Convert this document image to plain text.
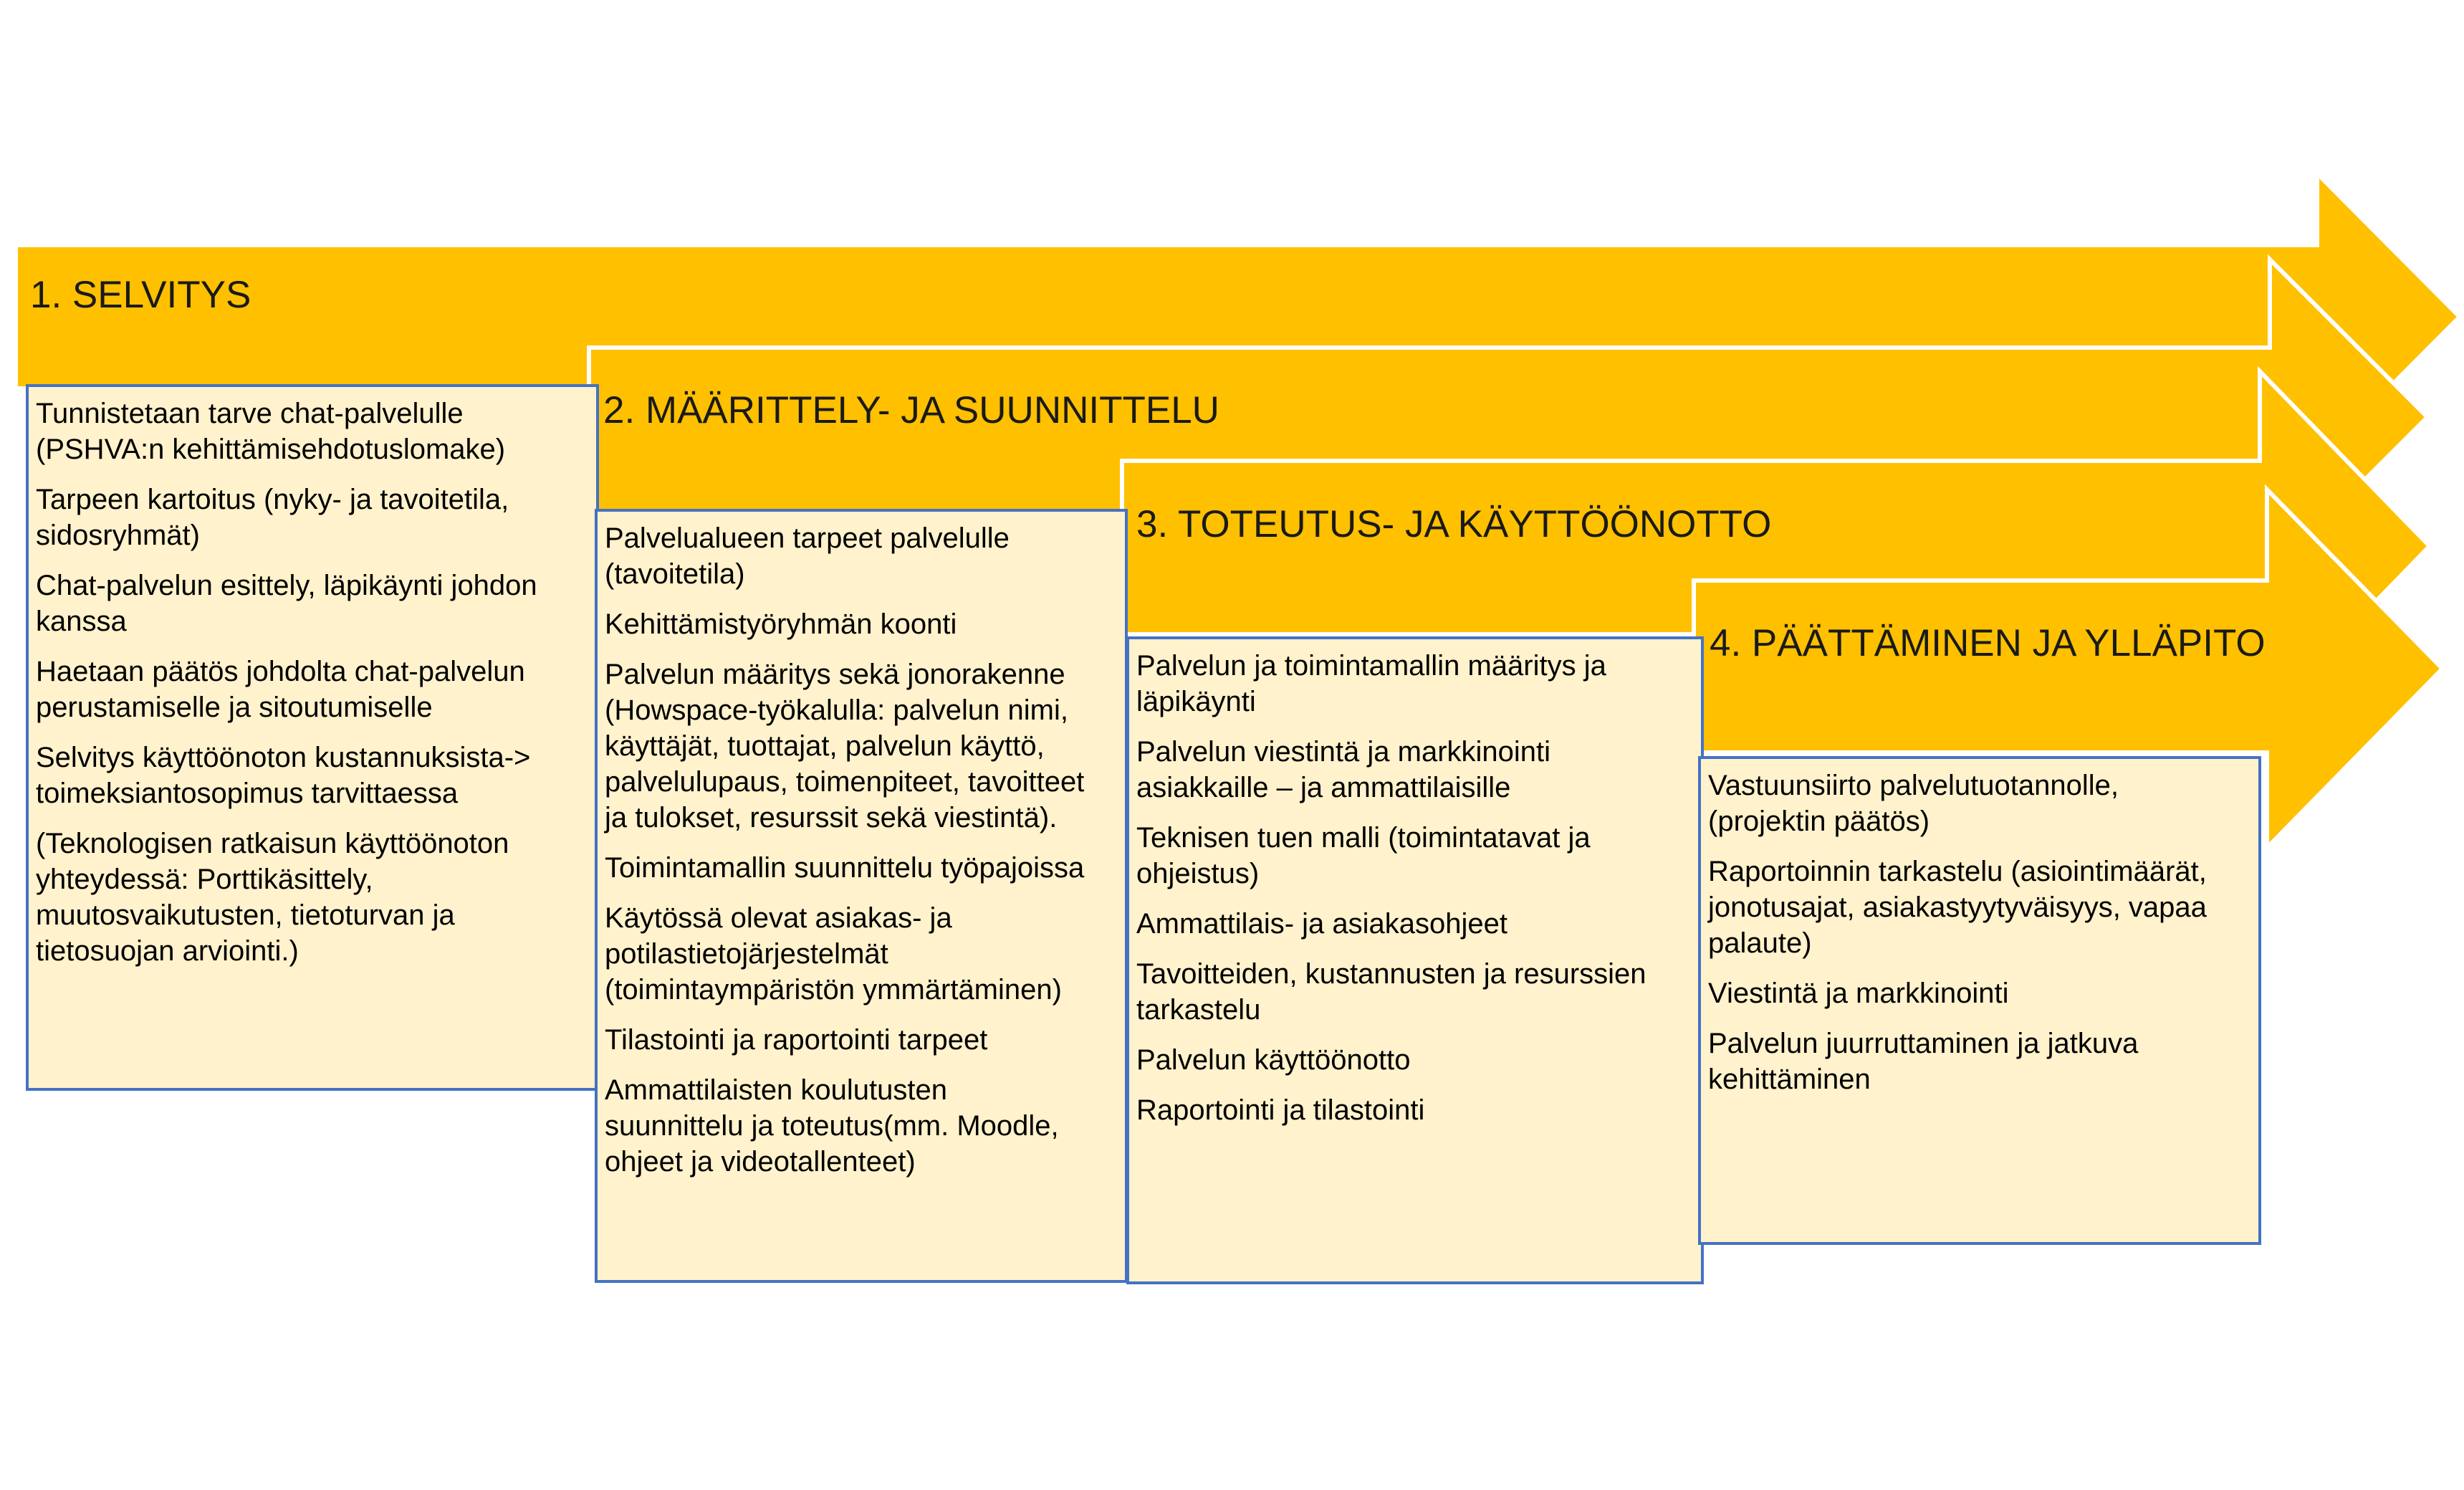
Tunnistetaan tarve chat-palvelulle
(PSHVA:n kehittämisehdotuslomake)
Tarpeen kartoitus (nyky- ja tavoitetila,
sidosryhmät)
Chat-palvelun esittely, läpikäynti johdon
kanssa
Haetaan päätös johdolta chat-palvelun
perustamiselle ja sitoutumiselle
Selvitys käyttöönoton kustannuksista->
toimeksiantosopimus tarvittaessa
(Teknologisen ratkaisun käyttöönoton
yhteydessä: Porttikäsittely,
muutosvaikutusten, tietoturvan ja
tietosuojan arviointi.)
1. SELVITYS
Palvelualueen tarpeet palvelulle
(tavoitetila)
Kehittämistyöryhmän koonti
Palvelun määritys sekä jonorakenne
(Howspace-työkalulla: palvelun nimi,
käyttäjät, tuottajat, palvelun käyttö,
palvelulupaus, toimenpiteet, tavoitteet
ja tulokset, resurssit sekä viestintä).
Toimintamallin suunnittelu työpajoissa
Käytössä olevat asiakas- ja
potilastietojärjestelmät
(toimintaympäristön ymmärtäminen)
Tilastointi ja raportointi tarpeet
Ammattilaisten koulutusten
suunnittelu ja toteutus(mm. Moodle,
ohjeet ja videotallenteet)
2. MÄÄRITTELY- JA SUUNNITTELU
Palvelun ja toimintamallin määritys ja
läpikäynti
Palvelun viestintä ja markkinointi
asiakkaille – ja ammattilaisille
Teknisen tuen malli (toimintatavat ja
ohjeistus)
Ammattilais- ja asiakasohjeet
Tavoitteiden, kustannusten ja resurssien
tarkastelu
Palvelun käyttöönotto
Raportointi ja tilastointi
3. TOTEUTUS- JA KÄYTTÖÖNOTTO
Vastuunsiirto palvelutuotannolle,
(projektin päätös)
Raportoinnin tarkastelu (asiointimäärät,
jonotusajat, asiakastyytyväisyys, vapaa
palaute)
Viestintä ja markkinointi
Palvelun juurruttaminen ja jatkuva
kehittäminen
4. PÄÄTTÄMINEN JA YLLÄPITO
